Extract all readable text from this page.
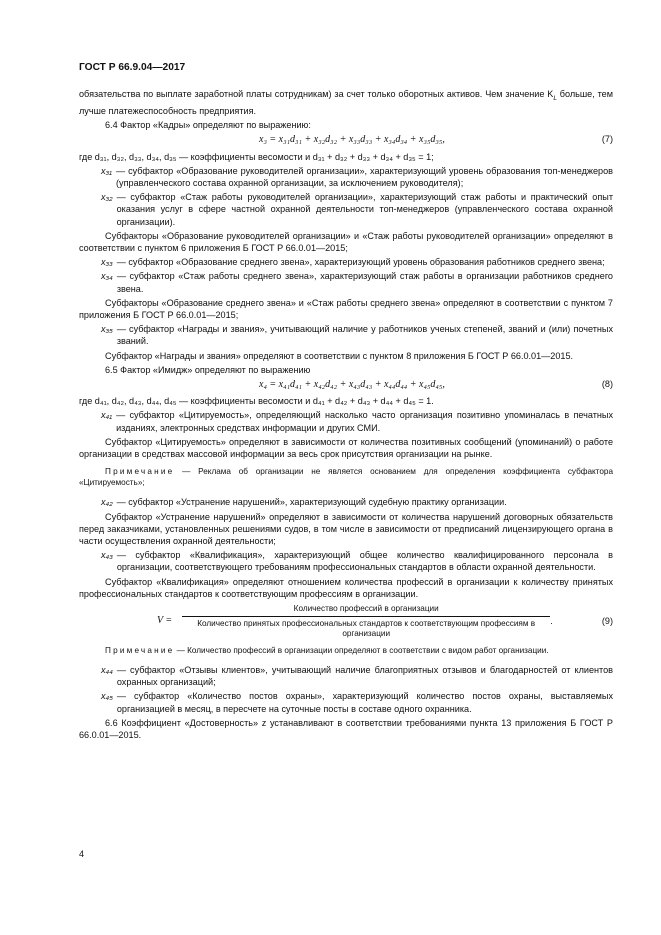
ГОСТ Р 66.9.04—2017

обязательства по выплате заработной платы сотрудникам) за счет только оборотных активов. Чем значение $K_L$ больше, тем лучше платежеспособность предприятия.

6.4 Фактор «Кадры» определяют по выражению:

x₃ = x₃₁d₃₁ + x₃₂d₃₂ + x₃₃d₃₃ + x₃₄d₃₄ + x₃₅d₃₅,	(7)

где d₃₁, d₃₂, d₃₃, d₃₄, d₃₅ — коэффициенты весомости и d₃₁ + d₃₂ + d₃₃ + d₃₄ + d₃₅ = 1;

x₃₁ — субфактор «Образование руководителей организации», характеризующий уровень образования топ-менеджеров (управленческого состава охранной организации, за исключением руководителя);
x₃₂ — субфактор «Стаж работы руководителей организации», характеризующий стаж работы и практический опыт оказания услуг в сфере частной охранной деятельности топ-менеджеров (управленческого состава охранной организации).

Субфакторы «Образование руководителей организации» и «Стаж работы руководителей организации» определяют в соответствии с пунктом 6 приложения Б ГОСТ Р 66.0.01—2015;

x₃₃ — субфактор «Образование среднего звена», характеризующий уровень образования работников среднего звена;
x₃₄ — субфактор «Стаж работы среднего звена», характеризующий стаж работы в организации работников среднего звена.

Субфакторы «Образование среднего звена» и «Стаж работы среднего звена» определяют в соответствии с пунктом 7 приложения Б ГОСТ Р 66.0.01—2015;

x₃₅ — субфактор «Награды и звания», учитывающий наличие у работников ученых степеней, званий и (или) почетных званий.

Субфактор «Награды и звания» определяют в соответствии с пунктом 8 приложения Б ГОСТ Р 66.0.01—2015.

6.5 Фактор «Имидж» определяют по выражению

x₄ = x₄₁d₄₁ + x₄₂d₄₂ + x₄₃d₄₃ + x₄₄d₄₄ + x₄₅d₄₅,	(8)

где d₄₁, d₄₂, d₄₃, d₄₄, d₄₅ — коэффициенты весомости и d₄₁ + d₄₂ + d₄₃ + d₄₄ + d₄₅ = 1.

x₄₁ — субфактор «Цитируемость», определяющий насколько часто организация позитивно упоминалась в печатных изданиях, электронных средствах информации и других СМИ.

Субфактор «Цитируемость» определяют в зависимости от количества позитивных сообщений (упоминаний) о работе организации в средствах массовой информации за весь срок присутствия организации на рынке.

Примечание — Реклама об организации не является основанием для определения коэффициента субфактора «Цитируемость»;

x₄₂ — субфактор «Устранение нарушений», характеризующий судебную практику организации.

Субфактор «Устранение нарушений» определяют в зависимости от количества нарушений договорных обязательств перед заказчиками, установленных решениями судов, в том числе в зависимости от предписаний лицензирующего органа в части осуществления охранной деятельности;

x₄₃ — субфактор «Квалификация», характеризующий общее количество квалифицированного персонала в организации, соответствующего требованиям профессиональных стандартов в области охранной деятельности.

Субфактор «Квалификация» определяют отношением количества профессий в организации к количеству принятых профессиональных стандартов к соответствующим профессиям в организации.

V =
Количество профессий в организации
Количество принятых профессиональных стандартов к соответствующим профессиям в организации
.	(9)

Примечание — Количество профессий в организации определяют в соответствии с видом работ организации.

x₄₄ — субфактор «Отзывы клиентов», учитывающий наличие благоприятных отзывов и благодарностей от клиентов охранных организаций;
x₄₅ — субфактор «Количество постов охраны», характеризующий количество постов охраны, выставляемых организацией в месяц, в пересчете на суточные посты в составе одного охранника.

6.6 Коэффициент «Достоверность» z устанавливают в соответствии требованиями пункта 13 приложения Б ГОСТ Р 66.0.01—2015.

4
